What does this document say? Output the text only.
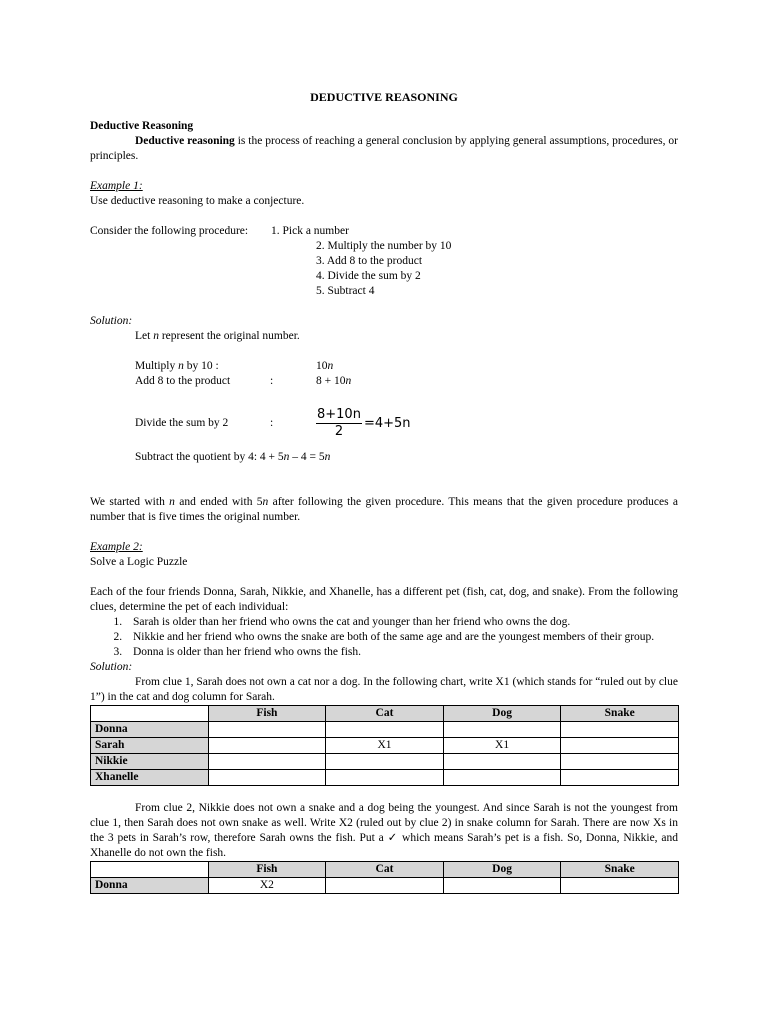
DEDUCTIVE REASONING
Deductive Reasoning
Deductive reasoning is the process of reaching a general conclusion by applying general assumptions, procedures, or principles.
Example 1:
Use deductive reasoning to make a conjecture.
Consider the following procedure:	1. Pick a number
2. Multiply the number by 10
3. Add 8 to the product
4. Divide the sum by 2
5. Subtract 4
Solution:
Let n represent the original number.
Multiply n by 10 :	10n
Add 8 to the product	:	8 + 10n
Divide the sum by 2	:	$\frac{8+10n}{2} =4+5n$
Subtract the quotient by 4: 4 + 5n – 4 = 5n
We started with n and ended with 5n after following the given procedure. This means that the given procedure produces a number that is five times the original number.
Example 2:
Solve a Logic Puzzle
Each of the four friends Donna, Sarah, Nikkie, and Xhanelle, has a different pet (fish, cat, dog, and snake). From the following clues, determine the pet of each individual:
1. Sarah is older than her friend who owns the cat and younger than her friend who owns the dog.
2. Nikkie and her friend who owns the snake are both of the same age and are the youngest members of their group.
3. Donna is older than her friend who owns the fish.
Solution:
From clue 1, Sarah does not own a cat nor a dog. In the following chart, write X1 (which stands for “ruled out by clue 1”) in the cat and dog column for Sarah.
	Fish	Cat	Dog	Snake
Donna				
Sarah		X1	X1	
Nikkie				
Xhanelle				
From clue 2, Nikkie does not own a snake and a dog being the youngest. And since Sarah is not the youngest from clue 1, then Sarah does not own snake as well. Write X2 (ruled out by clue 2) in snake column for Sarah. There are now Xs in the 3 pets in Sarah’s row, therefore Sarah owns the fish. Put a ✓ which means Sarah’s pet is a fish. So, Donna, Nikkie, and Xhanelle do not own the fish.
	Fish	Cat	Dog	Snake
Donna	X2			
